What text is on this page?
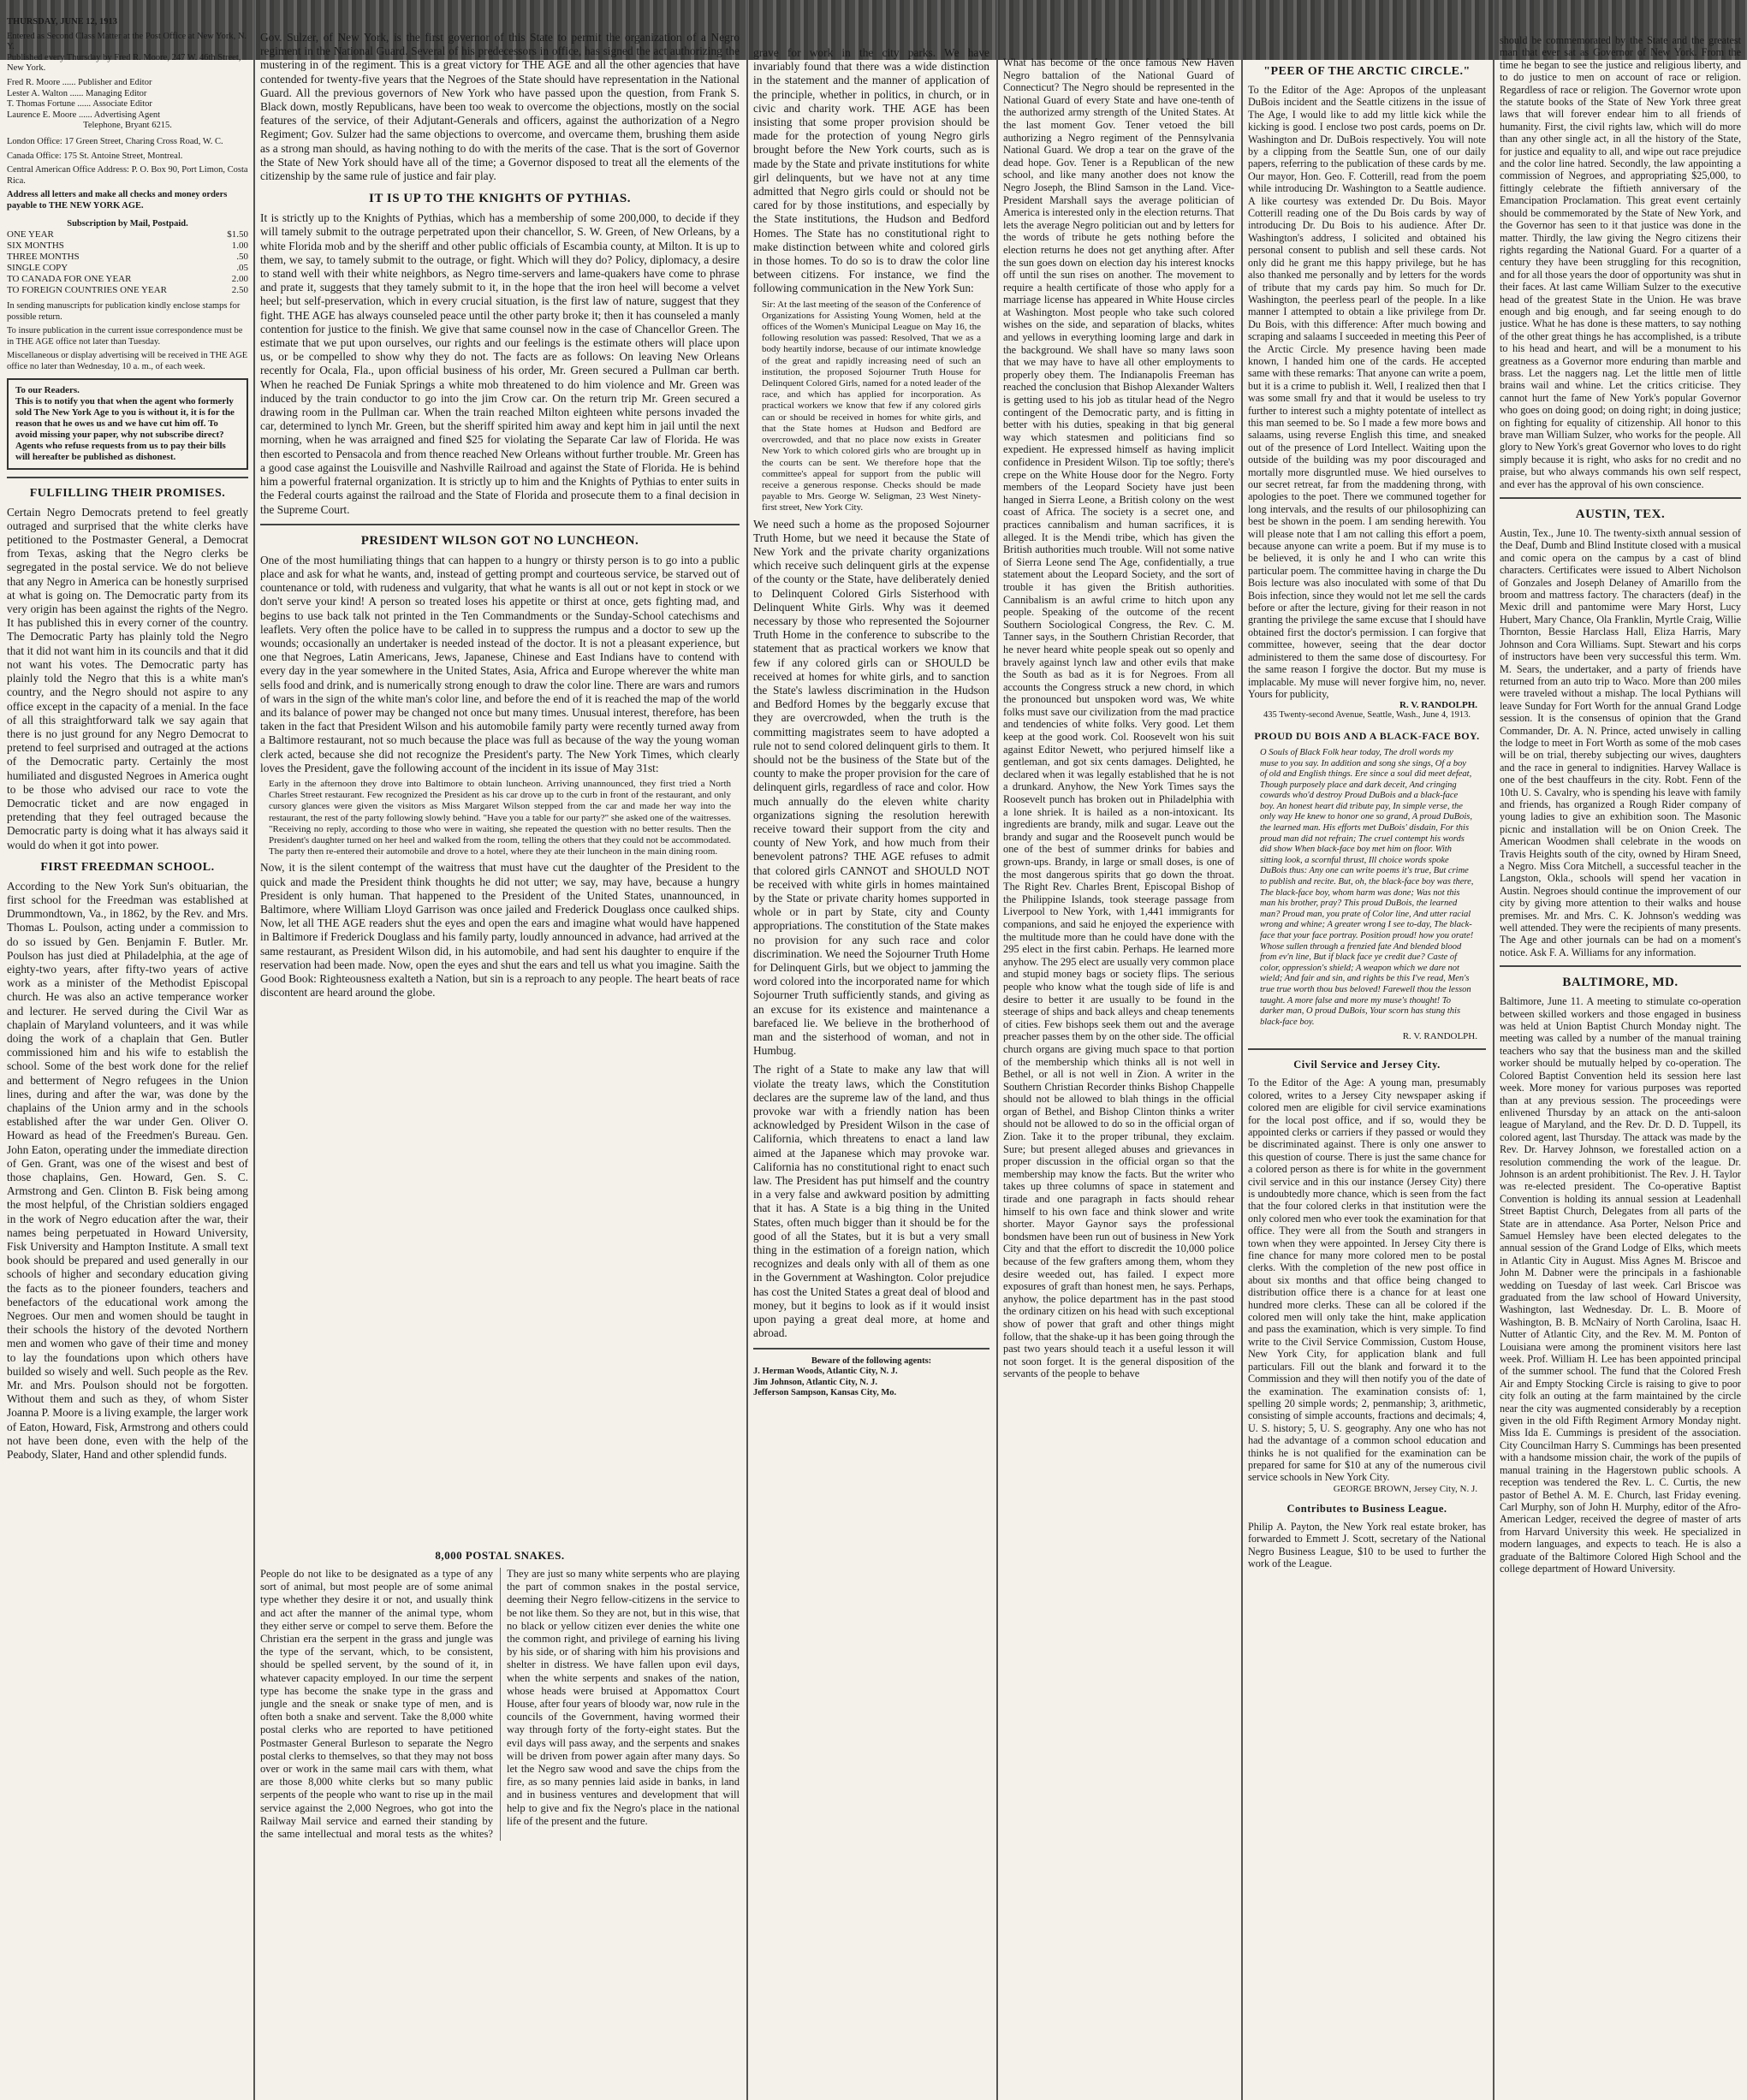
THURSDAY, JUNE 12, 1913
Entered as Second Class Matter at the Post Office at New York, N. Y.
Published every Thursday by Fred R. Moore, 247 W. 46th Street, New York.
Fred R. Moore ...... Publisher and Editor
Lester A. Walton ...... Managing Editor
T. Thomas Fortune ...... Associate Editor
Laurence E. Moore ...... Advertising Agent
Telephone, Bryant 6215.
London Office: 17 Green Street, Charing Cross Road, W. C.
Canada Office: 175 St. Antoine Street, Montreal.
Central American Office Address: P. O. Box 90, Port Limon, Costa Rica.
Address all letters and make all checks and money orders payable to THE NEW YORK AGE.
Subscription by Mail, Postpaid.
ONE YEAR	$1.50
SIX MONTHS	1.00
THREE MONTHS	.50
SINGLE COPY	.05
TO CANADA FOR ONE YEAR	2.00
TO FOREIGN COUNTRIES ONE YEAR	2.50
In sending manuscripts for publication kindly enclose stamps for possible return.
To insure publication in the current issue correspondence must be in THE AGE office not later than Tuesday.
Miscellaneous or display advertising will be received in THE AGE office no later than Wednesday, 10 a. m., of each week.
To our Readers.
This is to notify you that when the agent who formerly sold The New York Age to you is without it, it is for the reason that he owes us and we have cut him off. To avoid missing your paper, why not subscribe direct? Agents who refuse requests from us to pay their bills will hereafter be published as dishonest.
FULFILLING THEIR PROMISES.
Certain Negro Democrats pretend to feel greatly outraged and surprised that the white clerks have petitioned to the Postmaster General, a Democrat from Texas, asking that the Negro clerks be segregated in the postal service. We do not believe that any Negro in America can be honestly surprised at what is going on. The Democratic party from its very origin has been against the rights of the Negro. It has published this in every corner of the country. The Democratic Party has plainly told the Negro that it did not want him in its councils and that it did not want his votes. The Democratic party has plainly told the Negro that this is a white man's country, and the Negro should not aspire to any office except in the capacity of a menial. In the face of all this straightforward talk we say again that there is no just ground for any Negro Democrat to pretend to feel surprised and outraged at the actions of the Democratic party. Certainly the most humiliated and disgusted Negroes in America ought to be those who advised our race to vote the Democratic ticket and are now engaged in pretending that they feel outraged because the Democratic party is doing what it has always said it would do when it got into power.
FIRST FREEDMAN SCHOOL.
According to the New York Sun's obituarian, the first school for the Freedman was established at Drummondtown, Va., in 1862, by the Rev. and Mrs. Thomas L. Poulson, acting under a commission to do so issued by Gen. Benjamin F. Butler. Mr. Poulson has just died at Philadelphia, at the age of eighty-two years, after fifty-two years of active work as a minister of the Methodist Episcopal church. He was also an active temperance worker and lecturer. He served during the Civil War as chaplain of Maryland volunteers, and it was while doing the work of a chaplain that Gen. Butler commissioned him and his wife to establish the school. Some of the best work done for the relief and betterment of Negro refugees in the Union lines, during and after the war, was done by the chaplains of the Union army and in the schools established after the war under Gen. Oliver O. Howard as head of the Freedmen's Bureau. Gen. John Eaton, operating under the immediate direction of Gen. Grant, was one of the wisest and best of those chaplains, Gen. Howard, Gen. S. C. Armstrong and Gen. Clinton B. Fisk being among the most helpful, of the Christian soldiers engaged in the work of Negro education after the war, their names being perpetuated in Howard University, Fisk University and Hampton Institute. A small text book should be prepared and used generally in our schools of higher and secondary education giving the facts as to the pioneer founders, teachers and benefactors of the educational work among the Negroes. Our men and women should be taught in their schools the history of the devoted Northern men and women who gave of their time and money to lay the foundations upon which others have builded so wisely and well. Such people as the Rev. Mr. and Mrs. Poulson should not be forgotten. Without them and such as they, of whom Sister Joanna P. Moore is a living example, the larger work of Eaton, Howard, Fisk, Armstrong and others could not have been done, even with the help of the Peabody, Slater, Hand and other splendid funds.
Gov. Sulzer, of New York, is the first governor of this State to permit the organization of a Negro regiment in the National Guard. Several of his predecessors in office, has signed the act authorizing the mustering in of the regiment. This is a great victory for THE AGE and all the other agencies that have contended for twenty-five years that the Negroes of the State should have representation in the National Guard. All the previous governors of New York who have passed upon the question, from Frank S. Black down, mostly Republicans, have been too weak to overcome the objections, mostly on the social features of the service, of their Adjutant-Generals and officers, against the authorization of a Negro Regiment; Gov. Sulzer had the same objections to overcome, and overcame them, brushing them aside as a strong man should, as having nothing to do with the merits of the case. That is the sort of Governor the State of New York should have all of the time; a Governor disposed to treat all the elements of the citizenship by the same rule of justice and fair play.
IT IS UP TO THE KNIGHTS OF PYTHIAS.
It is strictly up to the Knights of Pythias, which has a membership of some 200,000, to decide if they will tamely submit to the outrage perpetrated upon their chancellor, S. W. Green, of New Orleans, by a white Florida mob and by the sheriff and other public officials of Escambia county, at Milton. It is up to them, we say, to tamely submit to the outrage, or fight. Which will they do? Policy, diplomacy, a desire to stand well with their white neighbors, as Negro time-servers and lame-quakers have come to phrase and prate it, suggests that they tamely submit to it, in the hope that the iron heel will become a velvet heel; but self-preservation, which in every crucial situation, is the first law of nature, suggest that they fight. THE AGE has always counseled peace until the other party broke it; then it has counseled a manly contention for justice to the finish. We give that same counsel now in the case of Chancellor Green. The estimate that we put upon ourselves, our rights and our feelings is the estimate others will place upon us, or be compelled to show why they do not. The facts are as follows: On leaving New Orleans recently for Ocala, Fla., upon official business of his order, Mr. Green secured a Pullman car berth. When he reached De Funiak Springs a white mob threatened to do him violence and Mr. Green was induced by the train conductor to go into the jim Crow car. On the return trip Mr. Green secured a drawing room in the Pullman car. When the train reached Milton eighteen white persons invaded the car, determined to lynch Mr. Green, but the sheriff spirited him away and kept him in jail until the next morning, when he was arraigned and fined $25 for violating the Separate Car law of Florida. He was then escorted to Pensacola and from thence reached New Orleans without further trouble. Mr. Green has a good case against the Louisville and Nashville Railroad and against the State of Florida. He is behind him a powerful fraternal organization. It is strictly up to him and the Knights of Pythias to enter suits in the Federal courts against the railroad and the State of Florida and prosecute them to a final decision in the Supreme Court.
PRESIDENT WILSON GOT NO LUNCHEON.
One of the most humiliating things that can happen to a hungry or thirsty person is to go into a public place and ask for what he wants, and, instead of getting prompt and courteous service, be starved out of countenance or told, with rudeness and vulgarity, that what he wants is all out or not kept in stock or we don't serve your kind! A person so treated loses his appetite or thirst at once, gets fighting mad, and begins to use back talk not printed in the Ten Commandments or the Sunday-School catechisms and leaflets. Very often the police have to be called in to suppress the rumpus and a doctor to sew up the wounds; occasionally an undertaker is needed instead of the doctor. It is not a pleasant experience, but one that Negroes, Latin Americans, Jews, Japanese, Chinese and East Indians have to contend with every day in the year somewhere in the United States, Asia, Africa and Europe wherever the white man sells food and drink, and is numerically strong enough to draw the color line. There are wars and rumors of wars in the sign of the white man's color line, and before the end of it is reached the map of the world and its balance of power may be changed not once but many times. Unusual interest, therefore, has been taken in the fact that President Wilson and his automobile family party were recently turned away from a Baltimore restaurant, not so much because the place was full as because of the way the young woman clerk acted, because she did not recognize the President's party. The New York Times, which clearly loves the President, gave the following account of the incident in its issue of May 31st:
Early in the afternoon they drove into Baltimore to obtain luncheon. Arriving unannounced, they first tried a North Charles Street restaurant. Few recognized the President as his car drove up to the curb in front of the restaurant, and only cursory glances were given the visitors as Miss Margaret Wilson stepped from the car and made her way into the restaurant, the rest of the party following slowly behind. "Have you a table for our party?" she asked one of the waitresses. "Receiving no reply, according to those who were in waiting, she repeated the question with no better results. Then the President's daughter turned on her heel and walked from the room, telling the others that they could not be accommodated. The party then re-entered their automobile and drove to a hotel, where they ate their luncheon in the main dining room.
Now, it is the silent contempt of the waitress that must have cut the daughter of the President to the quick and made the President think thoughts he did not utter; we say, may have, because a hungry President is only human. That happened to the President of the United States, unannounced, in Baltimore, where William Lloyd Garrison was once jailed and Frederick Douglass once caulked ships. Now, let all THE AGE readers shut the eyes and open the ears and imagine what would have happened in Baltimore if Frederick Douglass and his family party, loudly announced in advance, had arrived at the same restaurant, as President Wilson did, in his automobile, and had sent his daughter to enquire if the reservation had been made. Now, open the eyes and shut the ears and tell us what you imagine. Saith the Good Book: Righteousness exalteth a Nation, but sin is a reproach to any people. The heart beats of race discontent are heard around the globe.
8,000 POSTAL SNAKES.
People do not like to be designated as a type of any sort of animal, but most people are of some animal type whether they desire it or not, and usually think and act after the manner of the animal type, whom they either serve or compel to serve them. Before the Christian era the serpent in the grass and jungle was the type of the servant, which, to be consistent, should be spelled servent, by the sound of it, in whatever capacity employed. In our time the serpent type has become the snake type in the grass and jungle and the sneak or snake type of men, and is often both a snake and servent. Take the 8,000 white postal clerks who are reported to have petitioned Postmaster General Burleson to separate the Negro postal clerks to themselves, so that they may not boss over or work in the same mail cars with them, what are those 8,000 white clerks but so many public serpents of the people who want to rise up in the mail service against the 2,000 Negroes, who got into the Railway Mail service and earned their standing by the same intellectual and moral tests as the whites? They are just so many white serpents who are playing the part of common snakes in the postal service, deeming their Negro fellow-citizens in the service to be not like them. So they are not, but in this wise, that no black or yellow citizen ever denies the white one the common right, and privilege of earning his living by his side, or of sharing with him his provisions and shelter in distress. We have fallen upon evil days, when the white serpents and snakes of the nation, whose heads were bruised at Appomattox Court House, after four years of bloody war, now rule in the councils of the Government, having wormed their way through forty of the forty-eight states. But the evil days will pass away, and the serpents and snakes will be driven from power again after many days. So let the Negro saw wood and save the chips from the fire, as so many pennies laid aside in banks, in land and in business ventures and development that will help to give and fix the Negro's place in the national life of the present and the future.
grave for work in the city parks. We have invariably found that there was a wide distinction in the statement and the manner of application of the principle, whether in politics, in church, or in civic and charity work. THE AGE has been insisting that some proper provision should be made for the protection of young Negro girls brought before the New York courts, such as is made by the State and private institutions for white girl delinquents, but we have not at any time admitted that Negro girls could or should not be cared for by those institutions, and especially by the State institutions, the Hudson and Bedford Homes. The State has no constitutional right to make distinction between white and colored girls in those homes. To do so is to draw the color line between citizens. For instance, we find the following communication in the New York Sun:
Sir: At the last meeting of the season of the Conference of Organizations for Assisting Young Women, held at the offices of the Women's Municipal League on May 16, the following resolution was passed: Resolved, That we as a body heartily indorse, because of our intimate knowledge of the great and rapidly increasing need of such an institution, the proposed Sojourner Truth House for Delinquent Colored Girls, named for a noted leader of the race, and which has applied for incorporation. As practical workers we know that few if any colored girls can or should be received in homes for white girls, and that the State homes at Hudson and Bedford are overcrowded, and that no place now exists in Greater New York to which colored girls who are brought up in the courts can be sent. We therefore hope that the committee's appeal for support from the public will receive a generous response. Checks should be made payable to Mrs. George W. Seligman, 23 West Ninety-first street, New York City.
We need such a home as the proposed Sojourner Truth Home, but we need it because the State of New York and the private charity organizations which receive such delinquent girls at the expense of the county or the State, have deliberately denied to Delinquent Colored Girls Sisterhood with Delinquent White Girls. Why was it deemed necessary by those who represented the Sojourner Truth Home in the conference to subscribe to the statement that as practical workers we know that few if any colored girls can or SHOULD be received at homes for white girls, and to sanction the State's lawless discrimination in the Hudson and Bedford Homes by the beggarly excuse that they are overcrowded, when the truth is the committing magistrates seem to have adopted a rule not to send colored delinquent girls to them. It should not be the business of the State but of the county to make the proper provision for the care of delinquent girls, regardless of race and color. How much annually do the eleven white charity organizations signing the resolution herewith receive toward their support from the city and county of New York, and how much from their benevolent patrons? THE AGE refuses to admit that colored girls CANNOT and SHOULD NOT be received with white girls in homes maintained by the State or private charity homes supported in whole or in part by State, city and County appropriations. The constitution of the State makes no provision for any such race and color discrimination. We need the Sojourner Truth Home for Delinquent Girls, but we object to jamming the word colored into the incorporated name for which Sojourner Truth sufficiently stands, and giving as an excuse for its existence and maintenance a barefaced lie. We believe in the brotherhood of man and the sisterhood of woman, and not in Humbug.
The right of a State to make any law that will violate the treaty laws, which the Constitution declares are the supreme law of the land, and thus provoke war with a friendly nation has been acknowledged by President Wilson in the case of California, which threatens to enact a land law aimed at the Japanese which may provoke war. California has no constitutional right to enact such law. The President has put himself and the country in a very false and awkward position by admitting that it has. A State is a big thing in the United States, often much bigger than it should be for the good of all the States, but it is but a very small thing in the estimation of a foreign nation, which recognizes and deals only with all of them as one in the Government at Washington. Color prejudice has cost the United States a great deal of blood and money, but it begins to look as if it would insist upon paying a great deal more, at home and abroad.
Beware of the following agents:
J. Herman Woods, Atlantic City, N. J.
Jim Johnson, Atlantic City, N. J.
Jefferson Sampson, Kansas City, Mo.
What has become of the once famous New Haven Negro battalion of the National Guard of Connecticut? The Negro should be represented in the National Guard of every State and have one-tenth of the authorized army strength of the United States. At the last moment Gov. Tener vetoed the bill authorizing a Negro regiment of the Pennsylvania National Guard. We drop a tear on the grave of the dead hope. Gov. Tener is a Republican of the new school, and like many another does not know the Negro Joseph, the Blind Samson in the Land. Vice-President Marshall says the average politician of America is interested only in the election returns. That lets the average Negro politician out and by letters for the words of tribute he gets nothing before the election returns he does not get anything after. After the sun goes down on election day his interest knocks off until the sun rises on another. The movement to require a health certificate of those who apply for a marriage license has appeared in White House circles at Washington. Most people who take such colored wishes on the side, and separation of blacks, whites and yellows in everything looming large and dark in the background. We shall have so many laws soon that we may have to have all other employments to properly obey them. The Indianapolis Freeman has reached the conclusion that Bishop Alexander Walters is getting used to his job as titular head of the Negro contingent of the Democratic party, and is fitting in better with his duties, speaking in that big general way which statesmen and politicians find so expedient. He expressed himself as having implicit confidence in President Wilson. Tip toe softly; there's crepe on the White House door for the Negro. Forty members of the Leopard Society have just been hanged in Sierra Leone, a British colony on the west coast of Africa. The society is a secret one, and practices cannibalism and human sacrifices, it is alleged. It is the Mendi tribe, which has given the British authorities much trouble. Will not some native of Sierra Leone send The Age, confidentially, a true statement about the Leopard Society, and the sort of trouble it has given the British authorities. Cannibalism is an awful crime to hitch upon any people. Speaking of the outcome of the recent Southern Sociological Congress, the Rev. C. M. Tanner says, in the Southern Christian Recorder, that he never heard white people speak out so openly and bravely against lynch law and other evils that make the South as bad as it is for Negroes. From all accounts the Congress struck a new chord, in which the pronounced but unspoken word was, We white folks must save our civilization from the mad practice and tendencies of white folks. Very good. Let them keep at the good work. Col. Roosevelt won his suit against Editor Newett, who perjured himself like a gentleman, and got six cents damages. Delighted, he declared when it was legally established that he is not a drunkard. Anyhow, the New York Times says the Roosevelt punch has broken out in Philadelphia with a lone shriek. It is hailed as a non-intoxicant. Its ingredients are brandy, milk and sugar. Leave out the brandy and sugar and the Roosevelt punch would be one of the best of summer drinks for babies and grown-ups. Brandy, in large or small doses, is one of the most dangerous spirits that go down the throat. The Right Rev. Charles Brent, Episcopal Bishop of the Philippine Islands, took steerage passage from Liverpool to New York, with 1,441 immigrants for companions, and said he enjoyed the experience with the multitude more than he could have done with the 295 elect in the first cabin. Perhaps. He learned more anyhow. The 295 elect are usually very common place and stupid money bags or society flips. The serious people who know what the tough side of life is and desire to better it are usually to be found in the steerage of ships and back alleys and cheap tenements of cities. Few bishops seek them out and the average preacher passes them by on the other side. The official church organs are giving much space to that portion of the membership which thinks all is not well in Bethel, or all is not well in Zion. A writer in the Southern Christian Recorder thinks Bishop Chappelle should not be allowed to blah things in the official organ of Bethel, and Bishop Clinton thinks a writer should not be allowed to do so in the official organ of Zion. Take it to the proper tribunal, they exclaim. Sure; but present alleged abuses and grievances in proper discussion in the official organ so that the membership may know the facts. But the writer who takes up three columns of space in statement and tirade and one paragraph in facts should rehear himself to his own face and think slower and write shorter. Mayor Gaynor says the professional bondsmen have been run out of business in New York City and that the effort to discredit the 10,000 police because of the few grafters among them, whom they desire weeded out, has failed. I expect more exposures of graft than honest men, he says. Perhaps, anyhow, the police department has in the past stood the ordinary citizen on his head with such exceptional show of power that graft and other things might follow, that the shake-up it has been going through the past two years should teach it a useful lesson it will not soon forget. It is the general disposition of the servants of the people to behave
"PEER OF THE ARCTIC CIRCLE."
To the Editor of the Age: Apropos of the unpleasant DuBois incident and the Seattle citizens in the issue of The Age, I would like to add my little kick while the kicking is good. I enclose two post cards, poems on Dr. Washington and Dr. DuBois respectively. You will note by a clipping from the Seattle Sun, one of our daily papers, referring to the publication of these cards by me. Our mayor, Hon. Geo. F. Cotterill, read from the poem while introducing Dr. Washington to a Seattle audience. A like courtesy was extended Dr. Du Bois. Mayor Cotterill reading one of the Du Bois cards by way of introducing Dr. Du Bois to his audience. After Dr. Washington's address, I solicited and obtained his personal consent to publish and sell these cards. Not only did he grant me this happy privilege, but he has also thanked me personally and by letters for the words of tribute that my cards pay him. So much for Dr. Washington, the peerless pearl of the people. In a like manner I attempted to obtain a like privilege from Dr. Du Bois, with this difference: After much bowing and scraping and salaams I succeeded in meeting this Peer of the Arctic Circle. My presence having been made known, I handed him one of the cards. He accepted same with these remarks: That anyone can write a poem, but it is a crime to publish it. Well, I realized then that I was some small fry and that it would be useless to try further to interest such a mighty potentate of intellect as this man seemed to be. So I made a few more bows and salaams, using reverse English this time, and sneaked out of the presence of Lord Intellect. Waiting upon the outside of the building was my poor discouraged and mortally more disgruntled muse. We hied ourselves to our secret retreat, far from the maddening throng, with apologies to the poet. There we communed together for long intervals, and the results of our philosophizing can best be shown in the poem. I am sending herewith. You will please note that I am not calling this effort a poem, because anyone can write a poem. But if my muse is to be believed, it is only he and I who can write this particular poem. The committee having in charge the Du Bois lecture was also inoculated with some of that Du Bois infection, since they would not let me sell the cards before or after the lecture, giving for their reason in not granting the privilege the same excuse that I should have obtained first the doctor's permission. I can forgive that committee, however, seeing that the dear doctor administered to them the same dose of discourtesy. For the same reason I forgive the doctor. But my muse is implacable. My muse will never forgive him, no, never. Yours for publicity,
R. V. RANDOLPH.
435 Twenty-second Avenue, Seattle, Wash., June 4, 1913.
PROUD DU BOIS AND A BLACK-FACE BOY.
O Souls of Black Folk hear today, The droll words my muse to you say. In addition and song she sings, Of a boy of old and English things. Ere since a soul did meet defeat, Though purposely place and dark deceit, And cringing cowards who'd destroy Proud DuBois and a black-face boy. An honest heart did tribute pay, In simple verse, the only way He knew to honor one so grand, A proud DuBois, the learned man. His efforts met DuBois' disdain, For this proud man did not refrain; The cruel contempt his words did show When black-face boy met him on floor. With sitting look, a scornful thrust, Ill choice words spoke DuBois thus: Any one can write poems it's true, But crime to publish and recite. But, oh, the black-face boy was there, The black-face boy, whom harm was done; Was not this man his brother, pray? This proud DuBois, the learned man? Proud man, you prate of Color line, And utter racial wrong and whine; A greater wrong I see to-day, The black-face that your face portray. Position proud! how you orate! Whose sullen through a frenzied fate And blended blood from ev'n line, But if black face ye credit due? Caste of color, oppression's shield; A weapon which we dare not wield; And fair and sin, and rights be this I've read, Men's true true worth thou bus beloved! Farewell thou the lesson taught. A more false and more my muse's thought! To darker man, O proud DuBois, Your scorn has stung this black-face boy.
R. V. RANDOLPH.
Civil Service and Jersey City.
To the Editor of the Age: A young man, presumably colored, writes to a Jersey City newspaper asking if colored men are eligible for civil service examinations for the local post office, and if so, would they be appointed clerks or carriers if they passed or would they be discriminated against. There is only one answer to this question of course. There is just the same chance for a colored person as there is for white in the government civil service and in this our instance (Jersey City) there is undoubtedly more chance, which is seen from the fact that the four colored clerks in that institution were the only colored men who ever took the examination for that office. They were all from the South and strangers in town when they were appointed. In Jersey City there is fine chance for many more colored men to be postal clerks. With the completion of the new post office in about six months and that office being changed to distribution office there is a chance for at least one hundred more clerks. These can all be colored if the colored men will only take the hint, make application and pass the examination, which is very simple. To find write to the Civil Service Commission, Custom House, New York City, for application blank and full particulars. Fill out the blank and forward it to the Commission and they will then notify you of the date of the examination. The examination consists of: 1, spelling 20 simple words; 2, penmanship; 3, arithmetic, consisting of simple accounts, fractions and decimals; 4, U. S. history; 5, U. S. geography. Any one who has not had the advantage of a common school education and thinks he is not qualified for the examination can be prepared for same for $10 at any of the numerous civil service schools in New York City.
GEORGE BROWN, Jersey City, N. J.
Contributes to Business League.
Philip A. Payton, the New York real estate broker, has forwarded to Emmett J. Scott, secretary of the National Negro Business League, $10 to be used to further the work of the League.
should be commemorated by the State and the greatest man that ever sat as Governor of New York. From the time he began to see the justice and religious liberty, and to do justice to men on account of race or religion. Regardless of race or religion. The Governor wrote upon the statute books of the State of New York three great laws that will forever endear him to all friends of humanity. First, the civil rights law, which will do more than any other single act, in all the history of the State, for justice and equality to all, and wipe out race prejudice and the color line hatred. Secondly, the law appointing a commission of Negroes, and appropriating $25,000, to fittingly celebrate the fiftieth anniversary of the Emancipation Proclamation. This great event certainly should be commemorated by the State of New York, and the Governor has seen to it that justice was done in the matter. Thirdly, the law giving the Negro citizens their rights regarding the National Guard. For a quarter of a century they have been struggling for this recognition, and for all those years the door of opportunity was shut in their faces. At last came William Sulzer to the executive head of the greatest State in the Union. He was brave enough and big enough, and far seeing enough to do justice. What he has done is these matters, to say nothing of the other great things he has accomplished, is a tribute to his head and heart, and will be a monument to his greatness as a Governor more enduring than marble and brass. Let the naggers nag. Let the little men of little brains wail and whine. Let the critics criticise. They cannot hurt the fame of New York's popular Governor who goes on doing good; on doing right; in doing justice; on fighting for equality of citizenship. All honor to this brave man William Sulzer, who works for the people. All glory to New York's great Governor who loves to do right simply because it is right, who asks for no credit and no praise, but who always commands his own self respect, and ever has the approval of his own conscience.
AUSTIN, TEX.
Austin, Tex., June 10. The twenty-sixth annual session of the Deaf, Dumb and Blind Institute closed with a musical and comic opera on the campus by a cast of blind characters. Certificates were issued to Albert Nicholson of Gonzales and Joseph Delaney of Amarillo from the broom and mattress factory. The characters (deaf) in the Mexic drill and pantomime were Mary Horst, Lucy Hubert, Mary Chance, Ola Franklin, Myrtle Craig, Willie Thornton, Bessie Harclass Hall, Eliza Harris, Mary Johnson and Cora Williams. Supt. Stewart and his corps of instructors have been very successful this term. Wm. M. Sears, the undertaker, and a party of friends have returned from an auto trip to Waco. More than 200 miles were traveled without a mishap. The local Pythians will leave Sunday for Fort Worth for the annual Grand Lodge session. It is the consensus of opinion that the Grand Commander, Dr. A. N. Prince, acted unwisely in calling the lodge to meet in Fort Worth as some of the mob cases will be on trial, thereby subjecting our wives, daughters and the race in general to indignities. Harvey Wallace is one of the best chauffeurs in the city. Robt. Fenn of the 10th U. S. Cavalry, who is spending his leave with family and friends, has organized a Rough Rider company of young ladies to give an exhibition soon. The Masonic picnic and installation will be on Onion Creek. The American Woodmen shall celebrate in the woods on Travis Heights south of the city, owned by Hiram Sneed, a Negro. Miss Cora Mitchell, a successful teacher in the Langston, Okla., schools will spend her vacation in Austin. Negroes should continue the improvement of our city by giving more attention to their walks and house premises. Mr. and Mrs. C. K. Johnson's wedding was well attended. They were the recipients of many presents. The Age and other journals can be had on a moment's notice. Ask F. A. Williams for any information.
BALTIMORE, MD.
Baltimore, June 11. A meeting to stimulate co-operation between skilled workers and those engaged in business was held at Union Baptist Church Monday night. The meeting was called by a number of the manual training teachers who say that the business man and the skilled worker should be mutually helped by co-operation. The Colored Baptist Convention held its session here last week. More money for various purposes was reported than at any previous session. The proceedings were enlivened Thursday by an attack on the anti-saloon league of Maryland, and the Rev. Dr. D. D. Tuppell, its colored agent, last Thursday. The attack was made by the Rev. Dr. Harvey Johnson, we forestalled action on a resolution commending the work of the league. Dr. Johnson is an ardent prohibitionist. The Rev. J. H. Taylor was re-elected president. The Co-operative Baptist Convention is holding its annual session at Leadenhall Street Baptist Church, Delegates from all parts of the State are in attendance. Asa Porter, Nelson Price and Samuel Hemsley have been elected delegates to the annual session of the Grand Lodge of Elks, which meets in Atlantic City in August. Miss Agnes M. Briscoe and John M. Dabner were the principals in a fashionable wedding on Tuesday of last week. Carl Briscoe was graduated from the law school of Howard University, Washington, last Wednesday. Dr. L. B. Moore of Washington, B. B. McNairy of North Carolina, Isaac H. Nutter of Atlantic City, and the Rev. M. M. Ponton of Louisiana were among the prominent visitors here last week. Prof. William H. Lee has been appointed principal of the summer school. The fund that the Colored Fresh Air and Empty Stocking Circle is raising to give to poor city folk an outing at the farm maintained by the circle near the city was augmented considerably by a reception given in the old Fifth Regiment Armory Monday night. Miss Ida E. Cummings is president of the association. City Councilman Harry S. Cummings has been presented with a handsome mission chair, the work of the pupils of manual training in the Hagerstown public schools. A reception was tendered the Rev. L. C. Curtis, the new pastor of Bethel A. M. E. Church, last Friday evening. Carl Murphy, son of John H. Murphy, editor of the Afro-American Ledger, received the degree of master of arts from Harvard University this week. He specialized in modern languages, and expects to teach. He is also a graduate of the Baltimore Colored High School and the college department of Howard University.
